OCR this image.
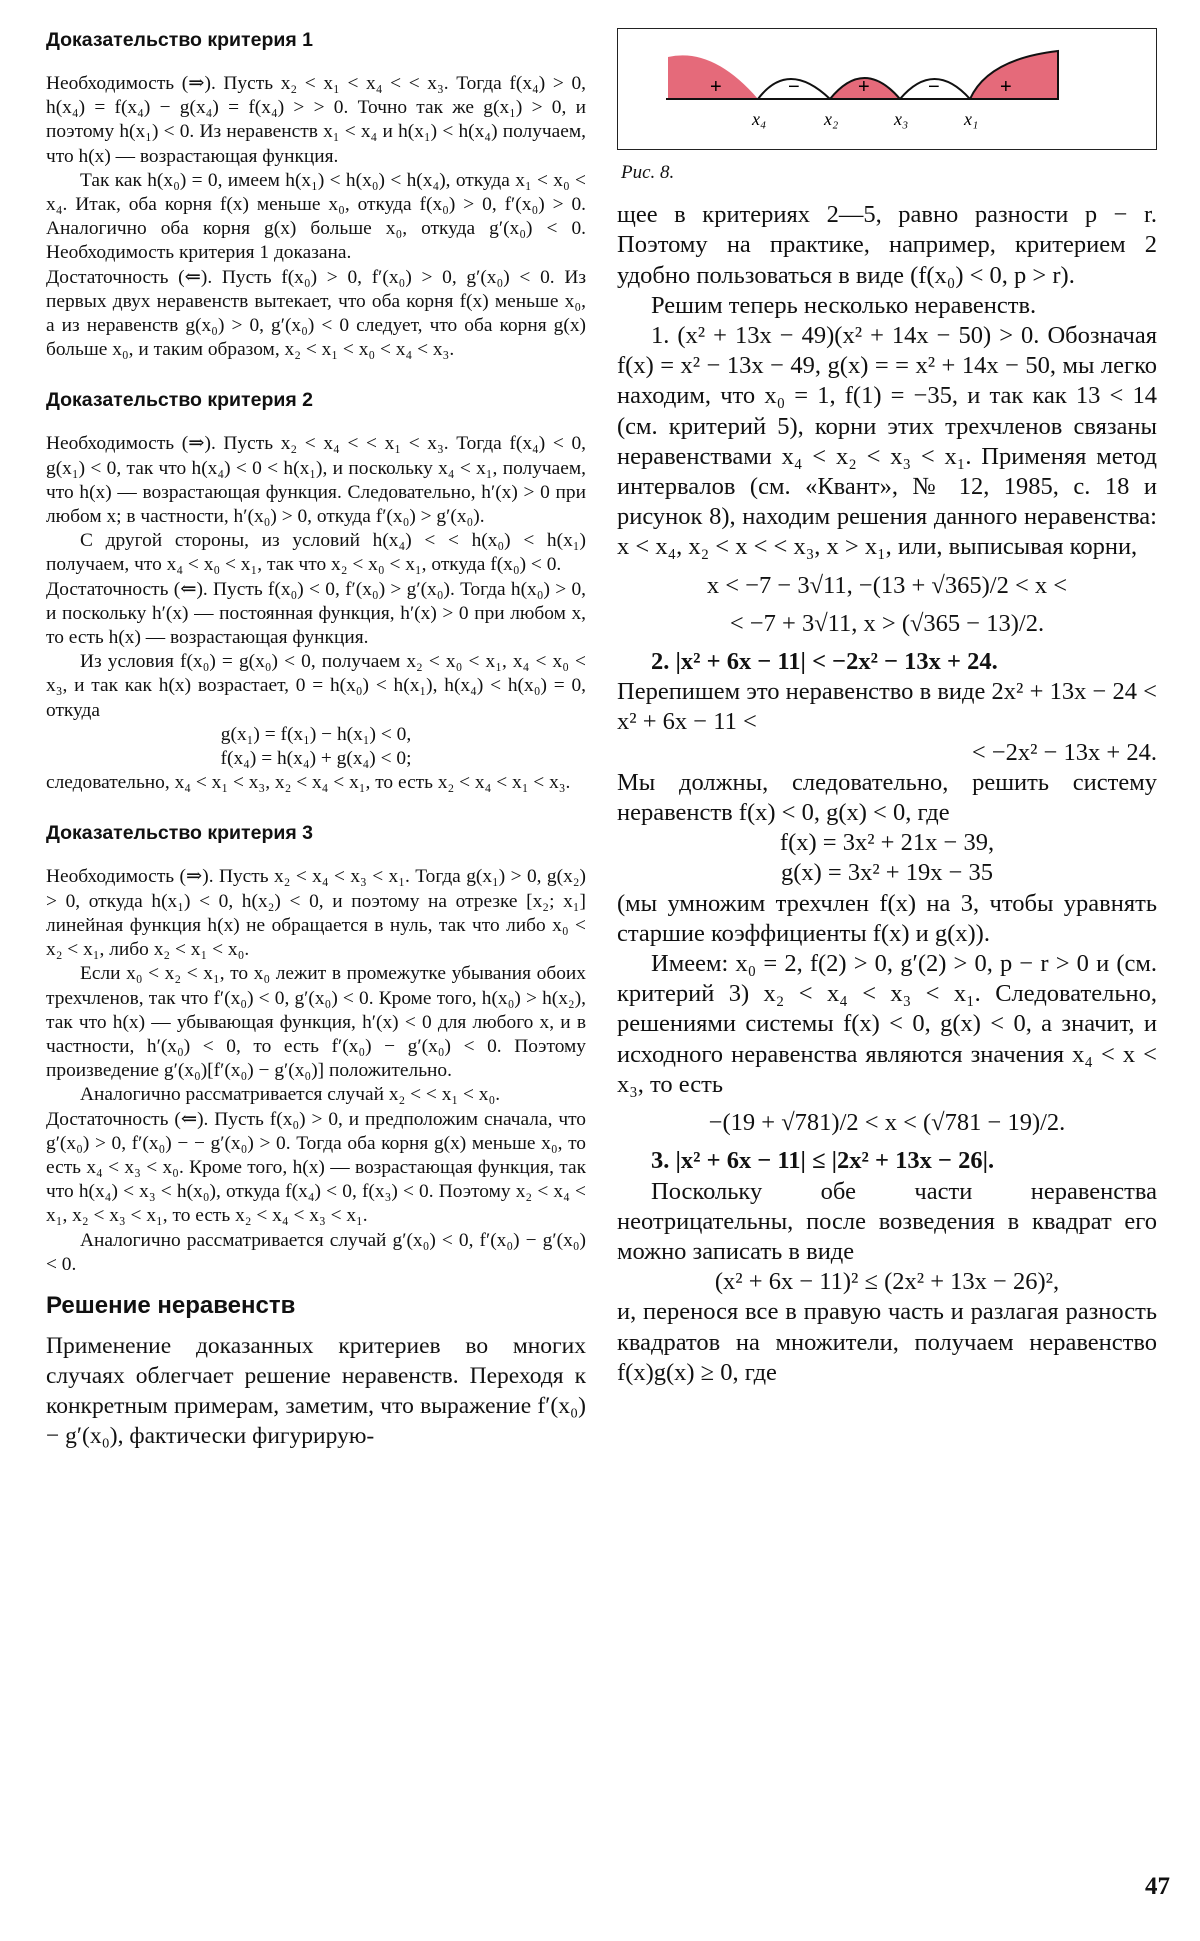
Доказательство критерия 1

Необходимость (⇒). Пусть x₂ < x₁ < x₄ < < x₃. Тогда f(x₄) > 0, h(x₄) = f(x₄) − g(x₄) = f(x₄) > > 0. Точно так же g(x₁) > 0, и поэтому h(x₁) < 0. Из неравенств x₁ < x₄ и h(x₁) < h(x₄) получаем, что h(x) — возрастающая функция.

Так как h(x₀) = 0, имеем h(x₁) < h(x₀) < h(x₄), откуда x₁ < x₀ < x₄. Итак, оба корня f(x) меньше x₀, откуда f(x₀) > 0, f′(x₀) > 0. Аналогично оба корня g(x) больше x₀, откуда g′(x₀) < 0. Необходимость критерия 1 доказана.

Достаточность (⇐). Пусть f(x₀) > 0, f′(x₀) > 0, g′(x₀) < 0. Из первых двух неравенств вытекает, что оба корня f(x) меньше x₀, а из неравенств g(x₀) > 0, g′(x₀) < 0 следует, что оба корня g(x) больше x₀, и таким образом, x₂ < x₁ < x₀ < x₄ < x₃.

Доказательство критерия 2

Необходимость (⇒). Пусть x₂ < x₄ < < x₁ < x₃. Тогда f(x₄) < 0, g(x₁) < 0, так что h(x₄) < 0 < h(x₁), и поскольку x₄ < x₁, получаем, что h(x) — возрастающая функция. Следовательно, h′(x) > 0 при любом x; в частности, h′(x₀) > 0, откуда f′(x₀) > g′(x₀).

С другой стороны, из условий h(x₄) < < h(x₀) < h(x₁) получаем, что x₄ < x₀ < x₁, так что x₂ < x₀ < x₁, откуда f(x₀) < 0.

Достаточность (⇐). Пусть f(x₀) < 0, f′(x₀) > g′(x₀). Тогда h(x₀) > 0, и поскольку h′(x) — постоянная функция, h′(x) > 0 при любом x, то есть h(x) — возрастающая функция.

Из условия f(x₀) = g(x₀) < 0, получаем x₂ < x₀ < x₁, x₄ < x₀ < x₃, и так как h(x) возрастает, 0 = h(x₀) < h(x₁), h(x₄) < h(x₀) = 0, откуда

g(x₁) = f(x₁) − h(x₁) < 0,

f(x₄) = h(x₄) + g(x₄) < 0;

следовательно, x₄ < x₁ < x₃, x₂ < x₄ < x₁, то есть x₂ < x₄ < x₁ < x₃.

Доказательство критерия 3

Необходимость (⇒). Пусть x₂ < x₄ < x₃ < x₁. Тогда g(x₁) > 0, g(x₂) > 0, откуда h(x₁) < 0, h(x₂) < 0, и поэтому на отрезке [x₂; x₁] линейная функция h(x) не обращается в нуль, так что либо x₀ < x₂ < x₁, либо x₂ < x₁ < x₀.

Если x₀ < x₂ < x₁, то x₀ лежит в промежутке убывания обоих трехчленов, так что f′(x₀) < 0, g′(x₀) < 0. Кроме того, h(x₀) > h(x₂), так что h(x) — убывающая функция, h′(x) < 0 для любого x, и в частности, h′(x₀) < 0, то есть f′(x₀) − g′(x₀) < 0. Поэтому произведение g′(x₀)[f′(x₀) − g′(x₀)] положительно.

Аналогично рассматривается случай x₂ < < x₁ < x₀.

Достаточность (⇐). Пусть f(x₀) > 0, и предположим сначала, что g′(x₀) > 0, f′(x₀) − − g′(x₀) > 0. Тогда оба корня g(x) меньше x₀, то есть x₄ < x₃ < x₀. Кроме того, h(x) — возрастающая функция, так что h(x₄) < x₃ < h(x₀), откуда f(x₄) < 0, f(x₃) < 0. Поэтому x₂ < x₄ < x₁, x₂ < x₃ < x₁, то есть x₂ < x₄ < x₃ < x₁.

Аналогично рассматривается случай g′(x₀) < 0, f′(x₀) − g′(x₀) < 0.

Решение неравенств

Применение доказанных критериев во многих случаях облегчает решение неравенств. Переходя к конкретным примерам, заметим, что выражение f′(x₀) − g′(x₀), фактически фигурирую-

+	−	+	−	+
x₄	x₂	x₃	x₁
Рис. 8.

щее в критериях 2—5, равно разности p − r. Поэтому на практике, например, критерием 2 удобно пользоваться в виде (f(x₀) < 0, p > r).

Решим теперь несколько неравенств.

1. (x² + 13x − 49)(x² + 14x − 50) > 0. Обозначая f(x) = x² − 13x − 49, g(x) = = x² + 14x − 50, мы легко находим, что x₀ = 1, f(1) = −35, и так как 13 < 14 (см. критерий 5), корни этих трехчленов связаны неравенствами x₄ < x₂ < x₃ < x₁. Применяя метод интервалов (см. «Квант», № 12, 1985, с. 18 и рисунок 8), находим решения данного неравенства: x < x₄, x₂ < x < < x₃, x > x₁, или, выписывая корни,

x < −7 − 3√11, −(13 + √365)/2 < x <

< −7 + 3√11, x > (√365 − 13)/2.

2. |x² + 6x − 11| < −2x² − 13x + 24.

Перепишем это неравенство в виде 2x² + 13x − 24 < x² + 6x − 11 <

< −2x² − 13x + 24.

Мы должны, следовательно, решить систему неравенств f(x) < 0, g(x) < 0, где

f(x) = 3x² + 21x − 39,

g(x) = 3x² + 19x − 35

(мы умножим трехчлен f(x) на 3, чтобы уравнять старшие коэффициенты f(x) и g(x)).

Имеем: x₀ = 2, f(2) > 0, g′(2) > 0, p − r > 0 и (см. критерий 3) x₂ < x₄ < x₃ < x₁. Следовательно, решениями системы f(x) < 0, g(x) < 0, а значит, и исходного неравенства являются значения x₄ < x < x₃, то есть

−(19 + √781)/2 < x < (√781 − 19)/2.

3. |x² + 6x − 11| ≤ |2x² + 13x − 26|.

Поскольку обе части неравенства неотрицательны, после возведения в квадрат его можно записать в виде

(x² + 6x − 11)² ≤ (2x² + 13x − 26)²,

и, перенося все в правую часть и разлагая разность квадратов на множители, получаем неравенство f(x)g(x) ≥ 0, где

47
